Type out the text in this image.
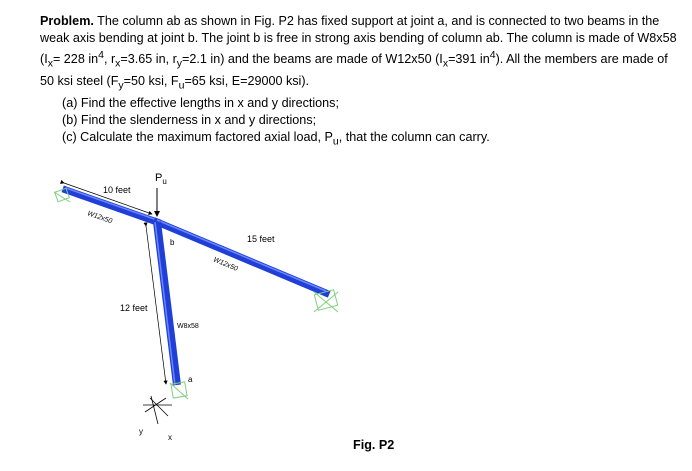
Problem. The column ab as shown in Fig. P2 has fixed support at joint a, and is connected to two beams in the weak axis bending at joint b. The joint b is free in strong axis bending of column ab. The column is made of W8x58 ($I_x= 228$ $in^4$, $r_x=3.65$ in, $r_y=2.1$ in) and the beams are made of W12x50 ($I_x=391$ $in^4$). All the members are made of 50 ksi steel ($F_y=50$ ksi, $F_u=65$ ksi, E=29000 ksi).

(a) Find the effective lengths in x and y directions;

(b) Find the slenderness in x and y directions;

(c) Calculate the maximum factored axial load, $P_u$, that the column can carry.

$P_u$
10 feet
15 feet
12 feet
W12x50
W12x50
W8x58
b
a
x
y
Fig. P2
